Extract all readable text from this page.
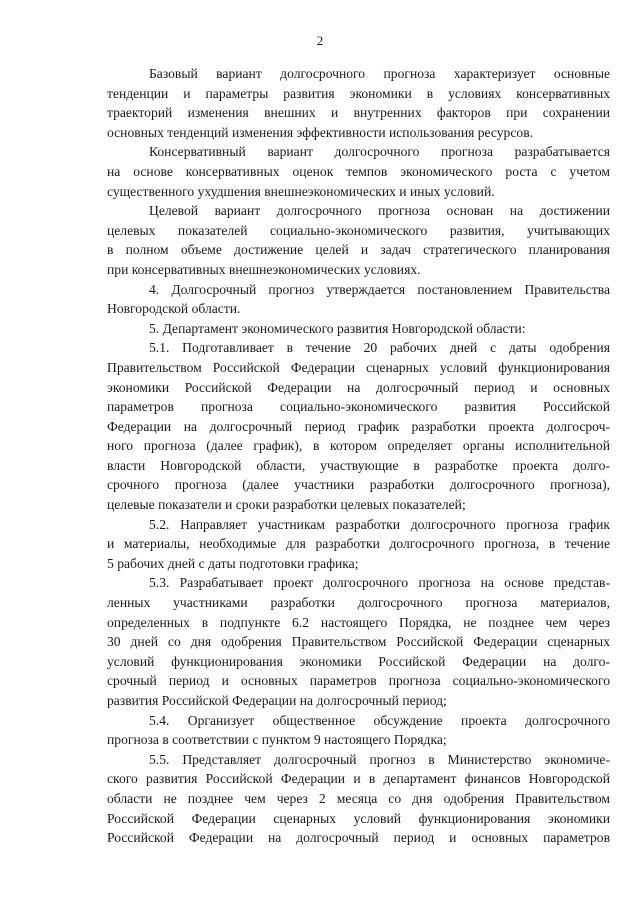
2
Базовый вариант долгосрочного прогноза характеризует основные
тенденции и параметры развития экономики в условиях консервативных
траекторий изменения внешних и внутренних факторов при сохранении
основных тенденций изменения эффективности использования ресурсов.
Консервативный вариант долгосрочного прогноза разрабатывается
на основе консервативных оценок темпов экономического роста с учетом
существенного ухудшения внешнеэкономических и иных условий.
Целевой вариант долгосрочного прогноза основан на достижении
целевых показателей социально-экономического развития, учитывающих
в полном объеме достижение целей и задач стратегического планирования
при консервативных внешнеэкономических условиях.
4. Долгосрочный прогноз утверждается постановлением Правительства
Новгородской области.
5. Департамент экономического развития Новгородской области:
5.1. Подготавливает в течение 20 рабочих дней с даты одобрения
Правительством Российской Федерации сценарных условий функционирования
экономики Российской Федерации на долгосрочный период и основных
параметров прогноза социально-экономического развития Российской
Федерации на долгосрочный период график разработки проекта долгосроч-
ного прогноза (далее график), в котором определяет органы исполнительной
власти Новгородской области, участвующие в разработке проекта долго-
срочного прогноза (далее участники разработки долгосрочного прогноза),
целевые показатели и сроки разработки целевых показателей;
5.2. Направляет участникам разработки долгосрочного прогноза график
и материалы, необходимые для разработки долгосрочного прогноза, в течение
5 рабочих дней с даты подготовки графика;
5.3. Разрабатывает проект долгосрочного прогноза на основе представ-
ленных участниками разработки долгосрочного прогноза материалов,
определенных в подпункте 6.2 настоящего Порядка, не позднее чем через
30 дней со дня одобрения Правительством Российской Федерации сценарных
условий функционирования экономики Российской Федерации на долго-
срочный период и основных параметров прогноза социально-экономического
развития Российской Федерации на долгосрочный период;
5.4. Организует общественное обсуждение проекта долгосрочного
прогноза в соответствии с пунктом 9 настоящего Порядка;
5.5. Представляет долгосрочный прогноз в Министерство экономиче-
ского развития Российской Федерации и в департамент финансов Новгородской
области не позднее чем через 2 месяца со дня одобрения Правительством
Российской Федерации сценарных условий функционирования экономики
Российской Федерации на долгосрочный период и основных параметров
